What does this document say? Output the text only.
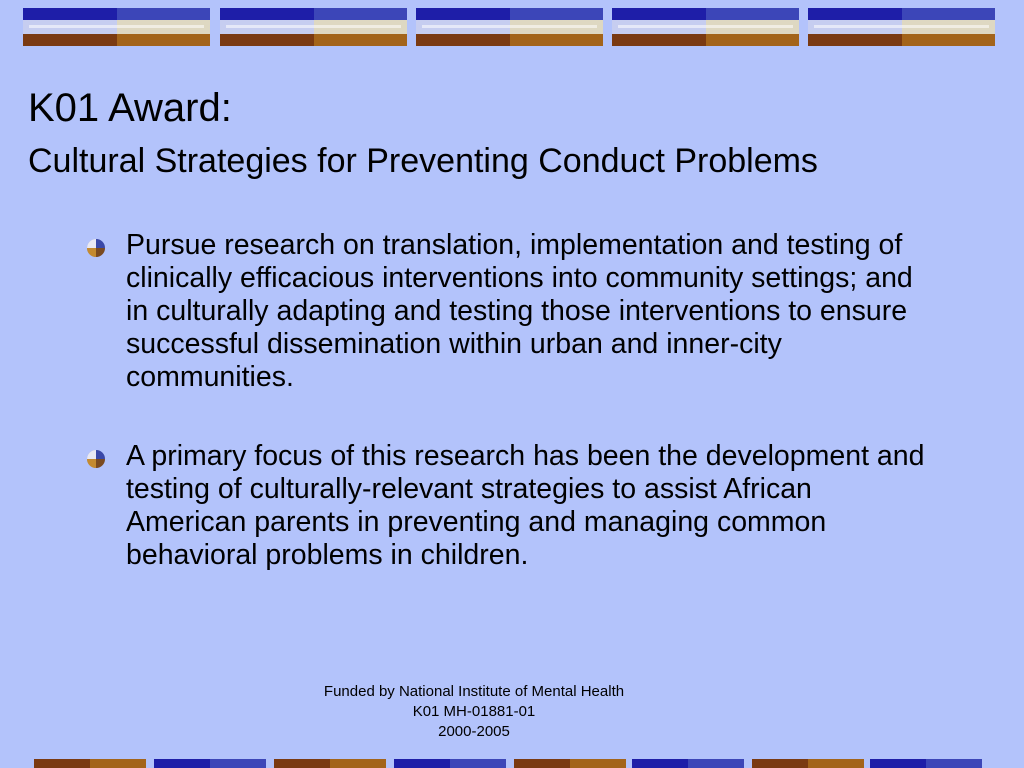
K01 Award:
Cultural Strategies for Preventing Conduct Problems
Pursue research on translation, implementation and testing of clinically efficacious interventions into community settings; and in culturally adapting and testing those interventions to ensure successful dissemination within urban and inner-city communities.
A primary focus of this research has been the development and testing of culturally-relevant strategies to assist African American parents in preventing and managing common behavioral problems in children.
Funded by National Institute of Mental Health
K01 MH-01881-01
2000-2005
